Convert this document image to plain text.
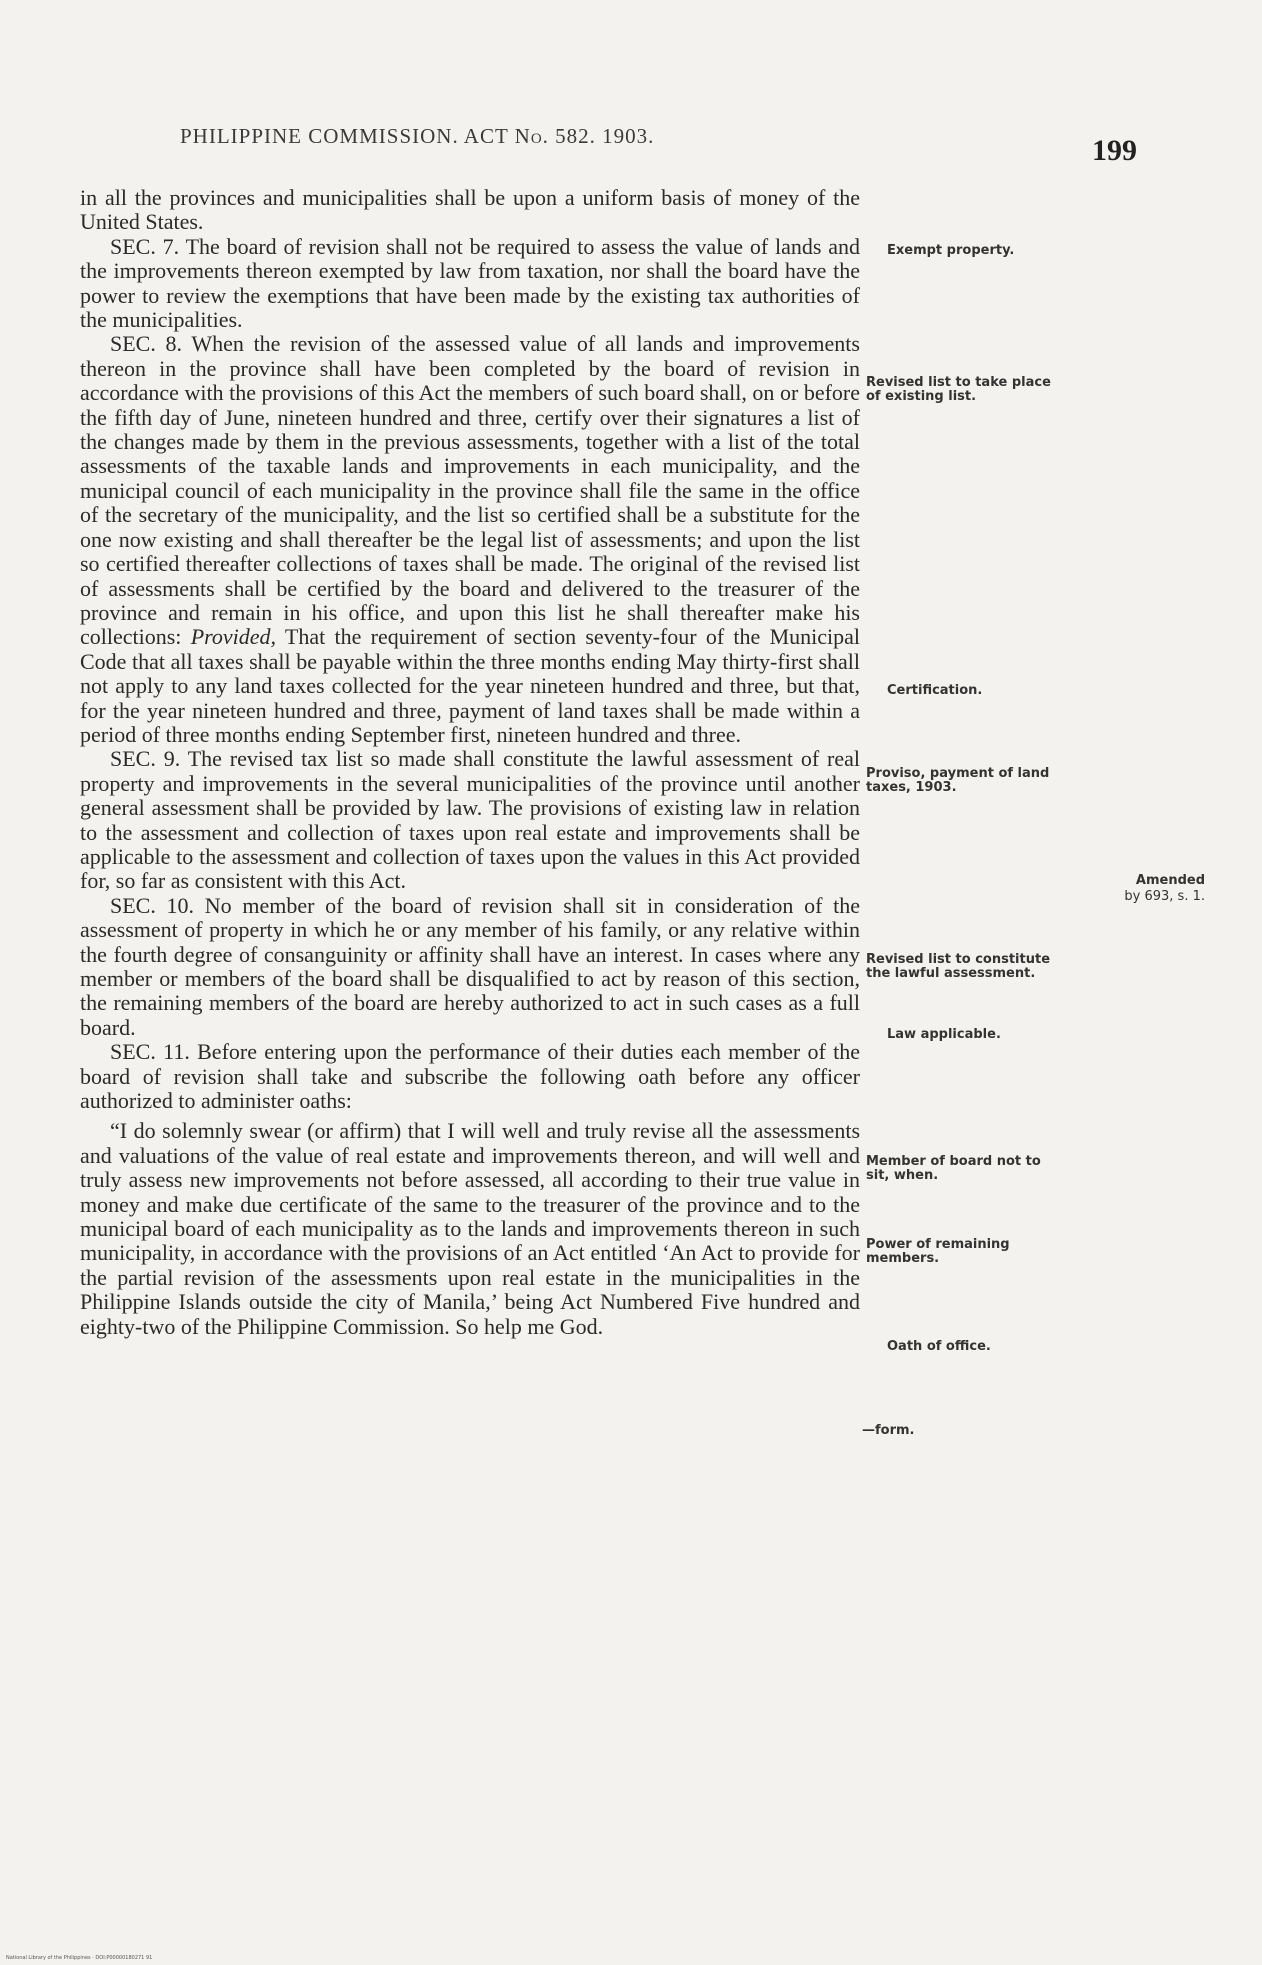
PHILIPPINE COMMISSION. ACT No. 582. 1903.	199

in all the provinces and municipalities shall be upon a uniform basis of money of the United States.

SEC. 7. The board of revision shall not be required to assess the value of lands and the improvements thereon exempted by law from taxation, nor shall the board have the power to review the exemptions that have been made by the existing tax authorities of the municipalities.

SEC. 8. When the revision of the assessed value of all lands and improvements thereon in the province shall have been completed by the board of revision in accordance with the provisions of this Act the members of such board shall, on or before the fifth day of June, nineteen hundred and three, certify over their signatures a list of the changes made by them in the previous assessments, together with a list of the total assessments of the taxable lands and improvements in each municipality, and the municipal council of each municipality in the province shall file the same in the office of the secretary of the municipality, and the list so certified shall be a substitute for the one now existing and shall thereafter be the legal list of assessments; and upon the list so certified thereafter collections of taxes shall be made. The original of the revised list of assessments shall be certified by the board and delivered to the treasurer of the province and remain in his office, and upon this list he shall thereafter make his collections: Provided, That the requirement of section seventy-four of the Municipal Code that all taxes shall be payable within the three months ending May thirty-first shall not apply to any land taxes collected for the year nineteen hundred and three, but that, for the year nineteen hundred and three, payment of land taxes shall be made within a period of three months ending September first, nineteen hundred and three.

SEC. 9. The revised tax list so made shall constitute the lawful assessment of real property and improvements in the several municipalities of the province until another general assessment shall be provided by law. The provisions of existing law in relation to the assessment and collection of taxes upon real estate and improvements shall be applicable to the assessment and collection of taxes upon the values in this Act provided for, so far as consistent with this Act.

SEC. 10. No member of the board of revision shall sit in consideration of the assessment of property in which he or any member of his family, or any relative within the fourth degree of consanguinity or affinity shall have an interest. In cases where any member or members of the board shall be disqualified to act by reason of this section, the remaining members of the board are hereby authorized to act in such cases as a full board.

SEC. 11. Before entering upon the performance of their duties each member of the board of revision shall take and subscribe the following oath before any officer authorized to administer oaths:

“I do solemnly swear (or affirm) that I will well and truly revise all the assessments and valuations of the value of real estate and improvements thereon, and will well and truly assess new improvements not before assessed, all according to their true value in money and make due certificate of the same to the treasurer of the province and to the municipal board of each municipality as to the lands and improvements thereon in such municipality, in accordance with the provisions of an Act entitled ‘An Act to provide for the partial revision of the assessments upon real estate in the municipalities in the Philippine Islands outside the city of Manila,’ being Act Numbered Five hundred and eighty-two of the Philippine Commission. So help me God.

Exempt property.
Revised list to take place of existing list.
Certification.
Proviso, payment of land taxes, 1903.
Amended
by 693, s. 1.
Revised list to constitute the lawful assessment.
Law applicable.
Member of board not to sit, when.
Power of remaining members.
Oath of office.
—form.
National Library of the Philippines · DOI:P00000180271 91
